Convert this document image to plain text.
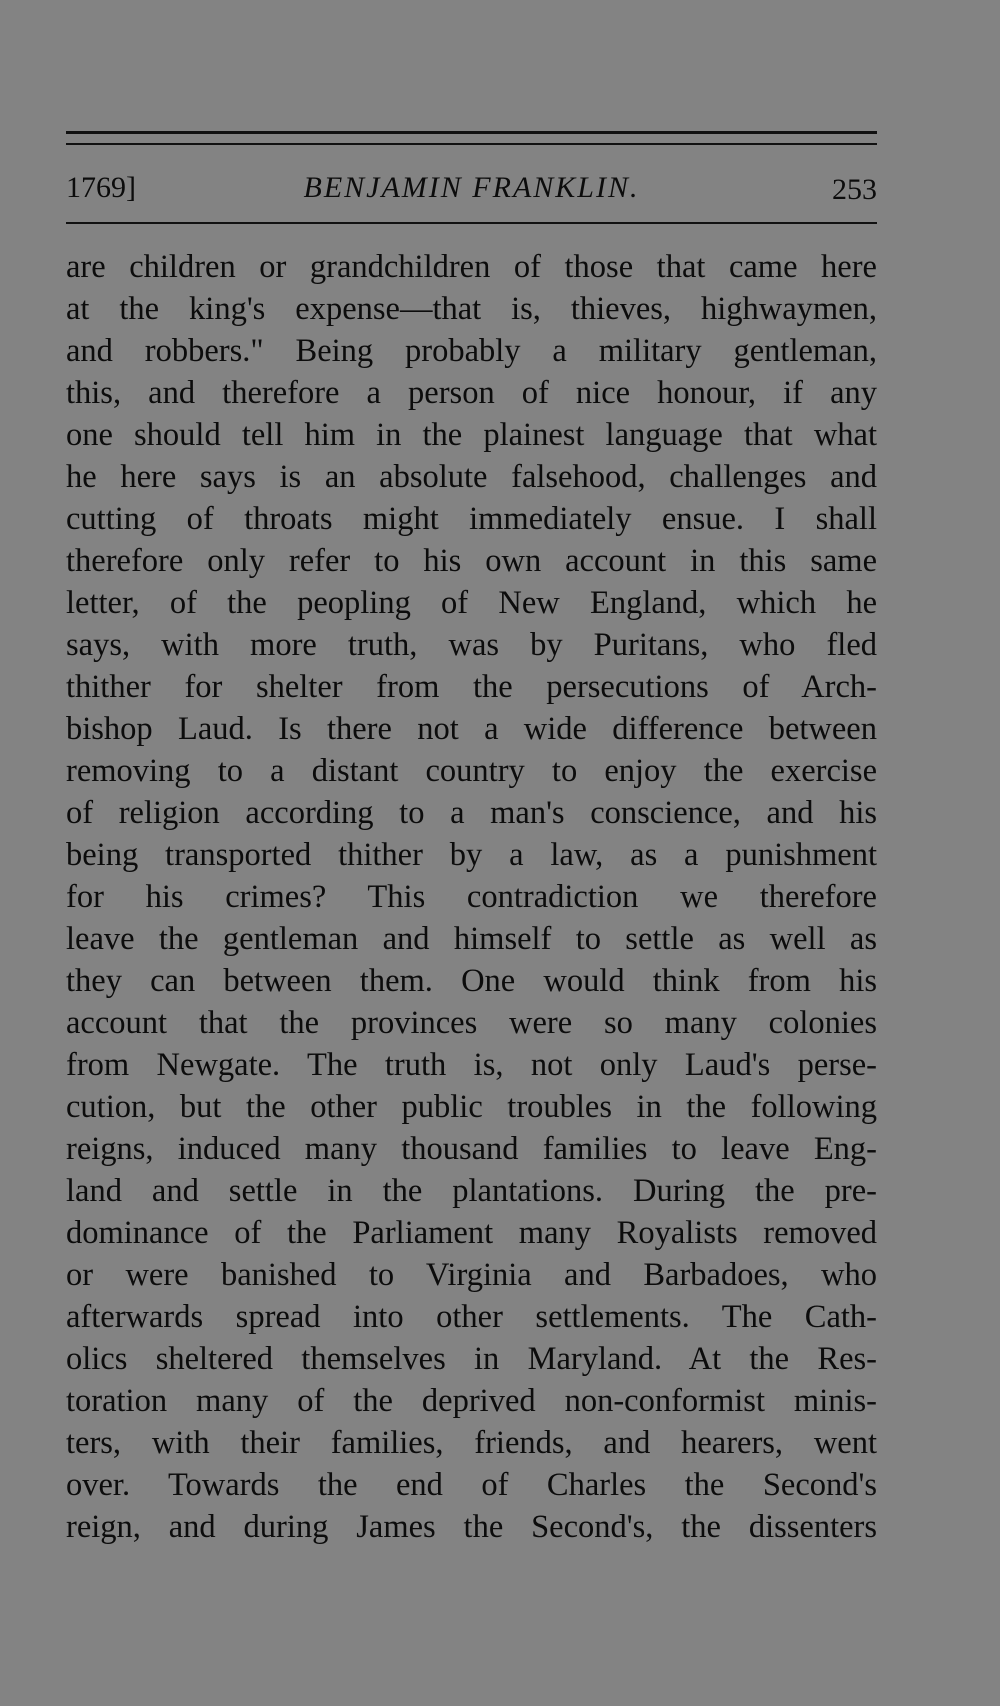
1769]	BENJAMIN FRANKLIN.	253
are children or grandchildren of those that came here
at the king's expense—that is, thieves, highwaymen,
and robbers." Being probably a military gentleman,
this, and therefore a person of nice honour, if any
one should tell him in the plainest language that what
he here says is an absolute falsehood, challenges and
cutting of throats might immediately ensue. I shall
therefore only refer to his own account in this same
letter, of the peopling of New England, which he
says, with more truth, was by Puritans, who fled
thither for shelter from the persecutions of Arch-
bishop Laud. Is there not a wide difference between
removing to a distant country to enjoy the exercise
of religion according to a man's conscience, and his
being transported thither by a law, as a punishment
for his crimes? This contradiction we therefore
leave the gentleman and himself to settle as well as
they can between them. One would think from his
account that the provinces were so many colonies
from Newgate. The truth is, not only Laud's perse-
cution, but the other public troubles in the following
reigns, induced many thousand families to leave Eng-
land and settle in the plantations. During the pre-
dominance of the Parliament many Royalists removed
or were banished to Virginia and Barbadoes, who
afterwards spread into other settlements. The Cath-
olics sheltered themselves in Maryland. At the Res-
toration many of the deprived non-conformist minis-
ters, with their families, friends, and hearers, went
over. Towards the end of Charles the Second's
reign, and during James the Second's, the dissenters
